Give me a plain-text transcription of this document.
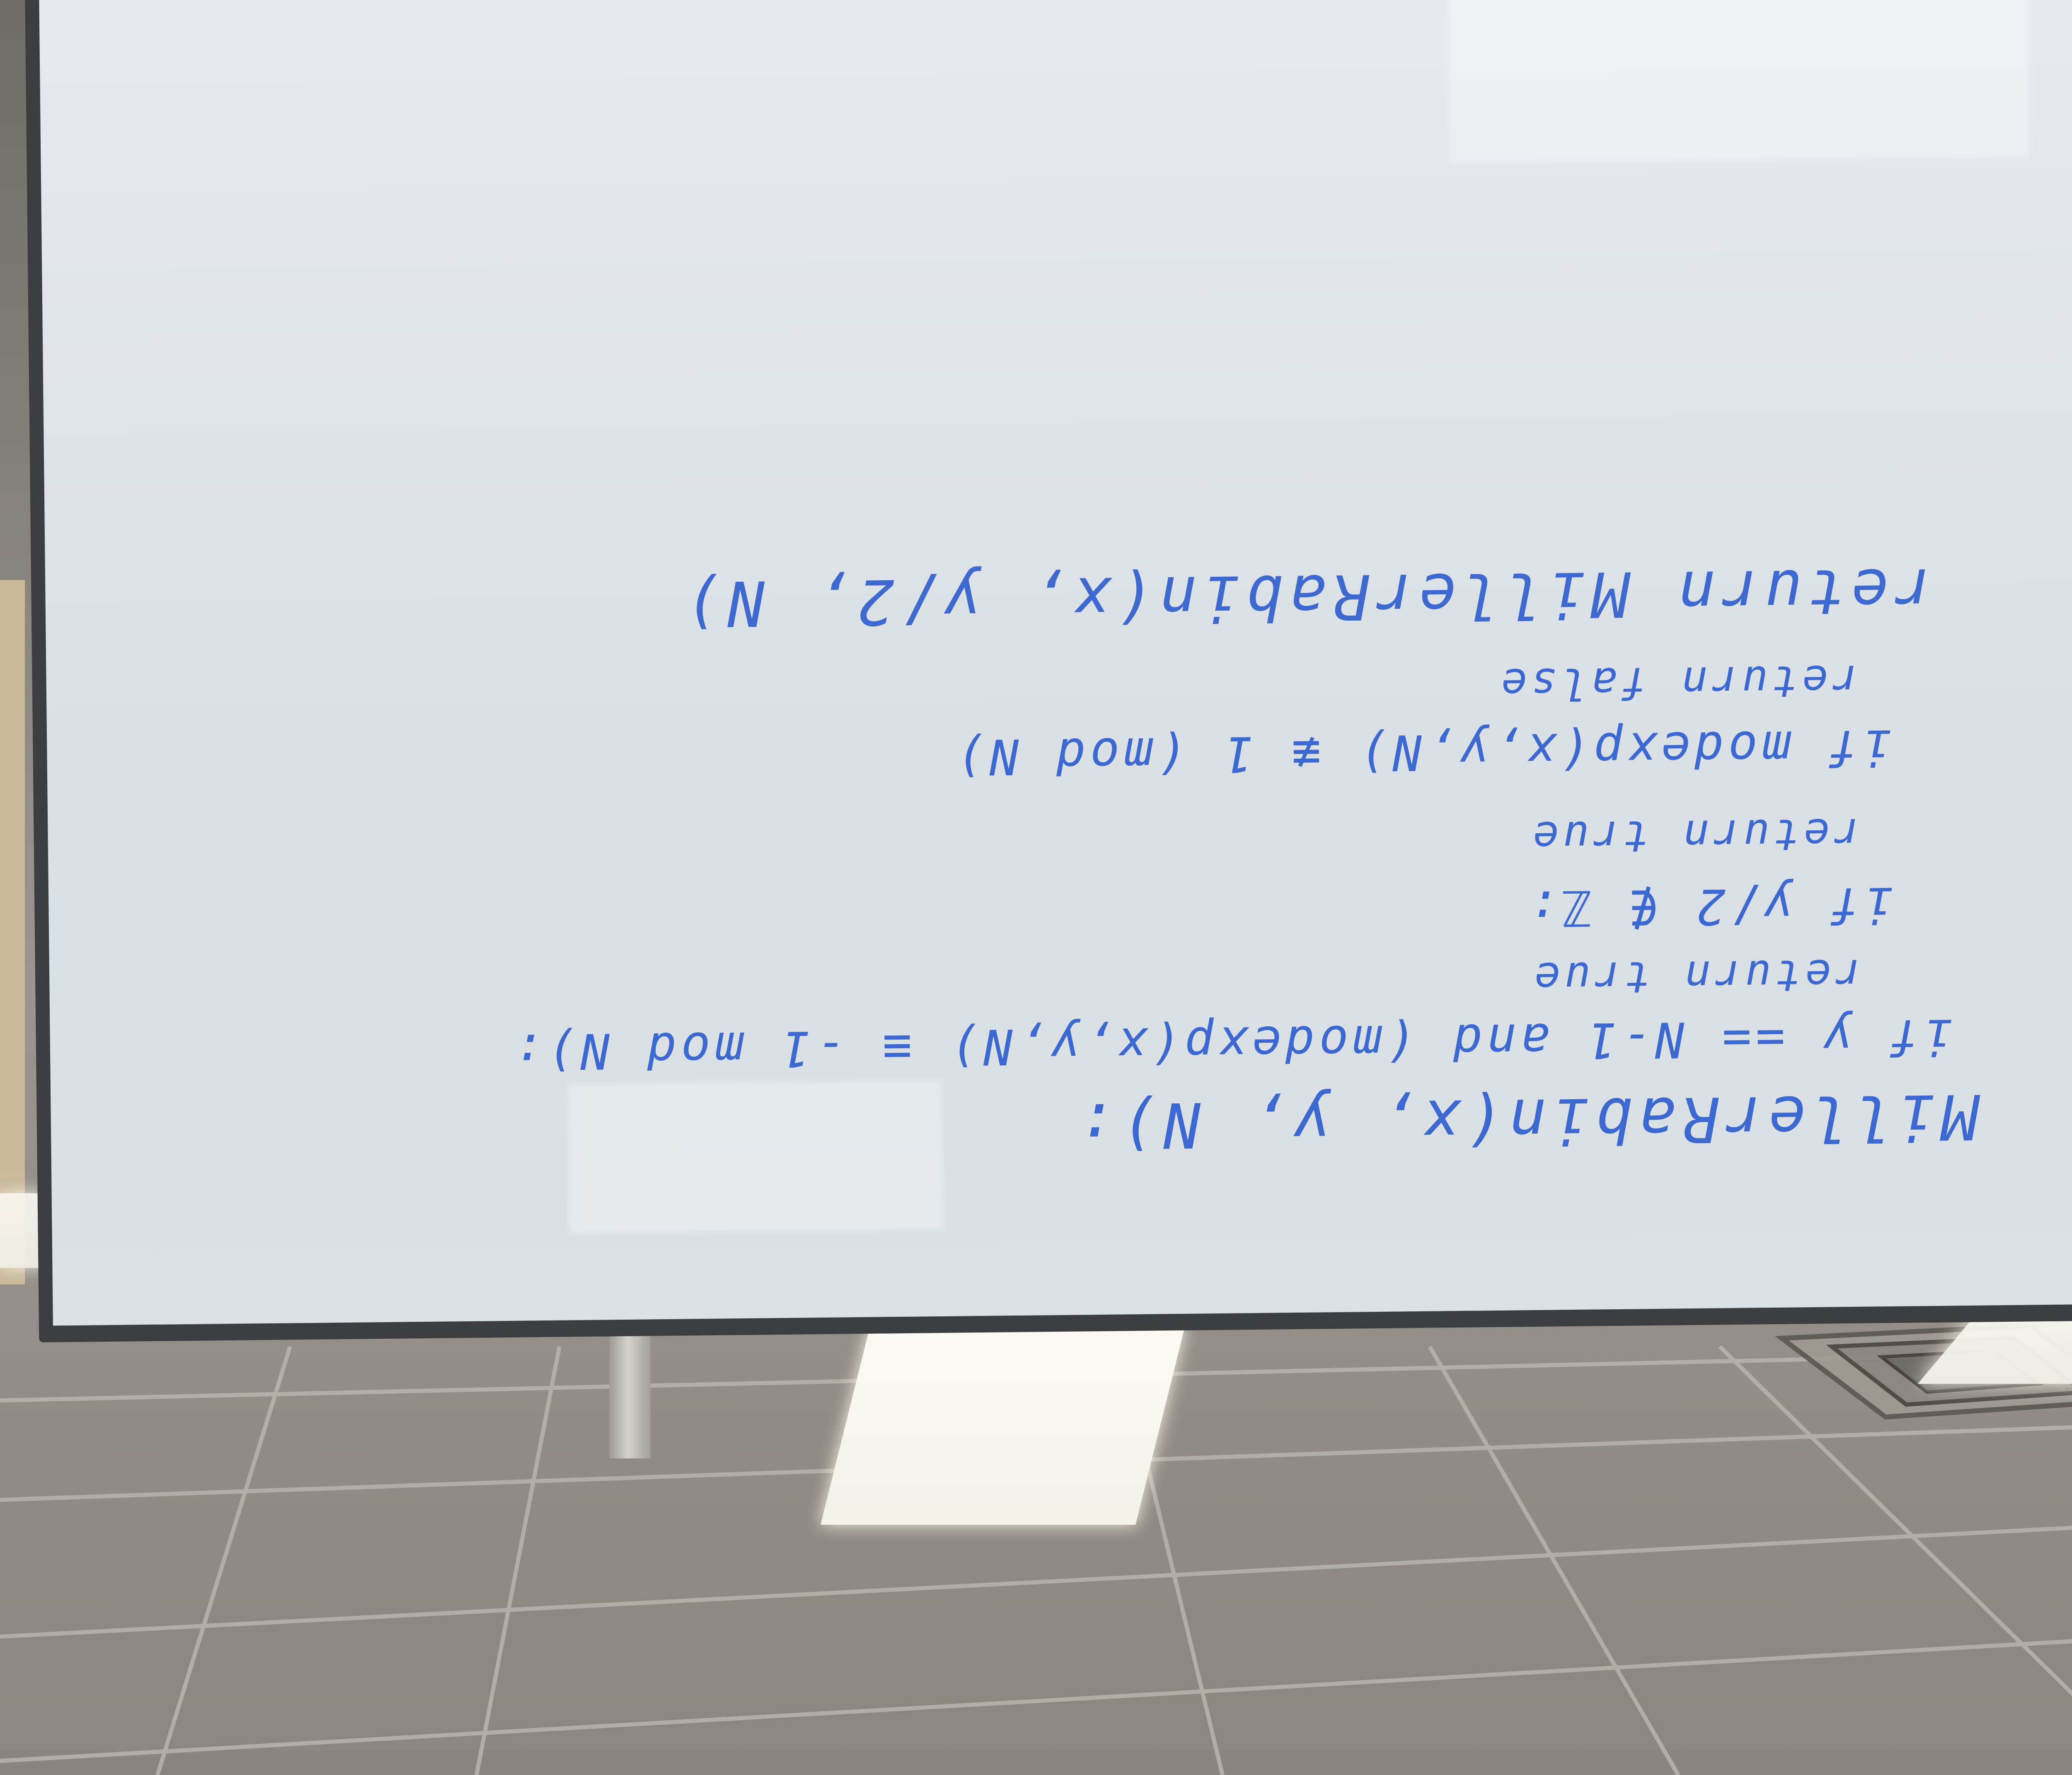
MillerRabin(x, y, N):
if y == N-1 and (modexp(x,y,N) ≡ -1 mod N):
return true
if y/2 ∉ ℤ:
return true
if modexp(x,y,N) ≢ 1 (mod N)
return false
return MillerRabin(x, y/2, N)
